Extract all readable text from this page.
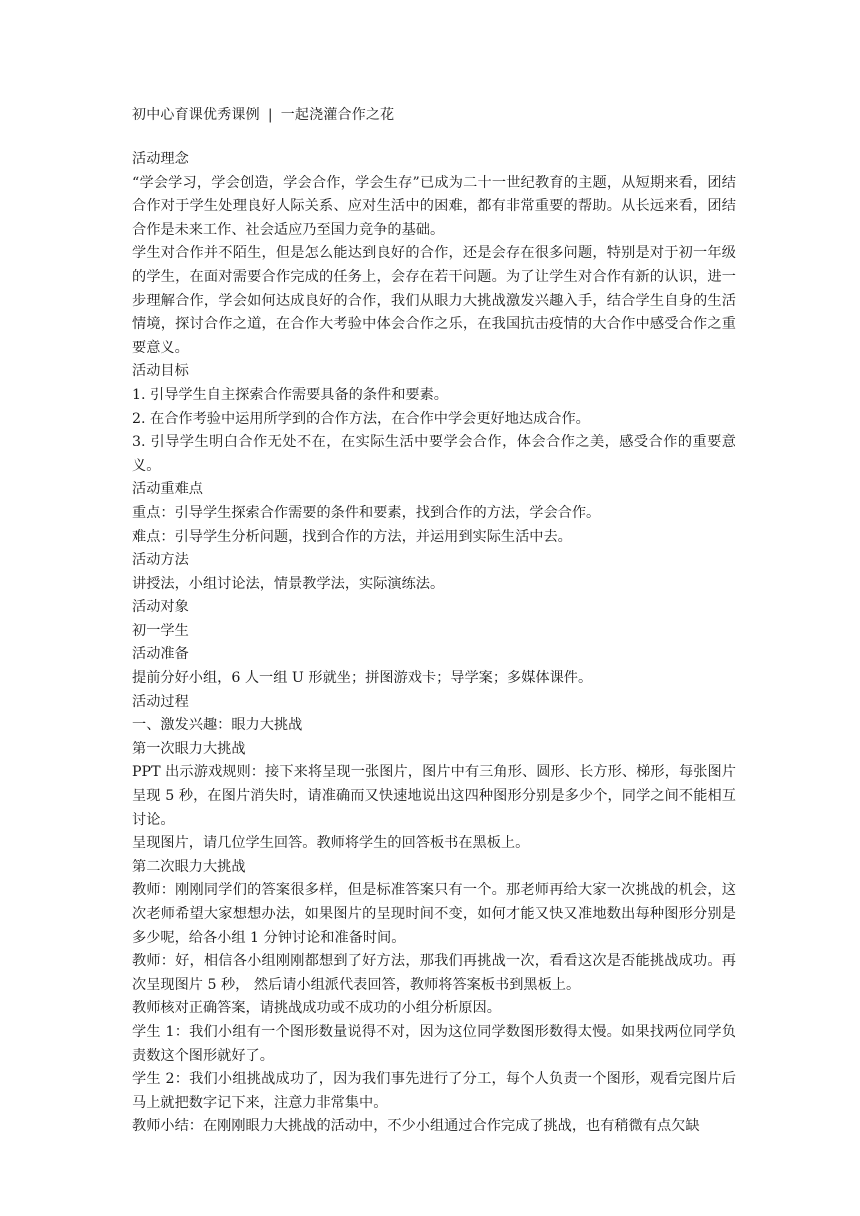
初中心育课优秀课例 | 一起浇灌合作之花

活动理念

“学会学习，学会创造，学会合作，学会生存”已成为二十一世纪教育的主题，从短期来看，团结合作对于学生处理良好人际关系、应对生活中的困难，都有非常重要的帮助。从长远来看，团结合作是未来工作、社会适应乃至国力竞争的基础。

学生对合作并不陌生，但是怎么能达到良好的合作，还是会存在很多问题，特别是对于初一年级的学生，在面对需要合作完成的任务上，会存在若干问题。为了让学生对合作有新的认识，进一步理解合作，学会如何达成良好的合作，我们从眼力大挑战激发兴趣入手，结合学生自身的生活情境，探讨合作之道，在合作大考验中体会合作之乐，在我国抗击疫情的大合作中感受合作之重要意义。

活动目标

1. 引导学生自主探索合作需要具备的条件和要素。

2. 在合作考验中运用所学到的合作方法，在合作中学会更好地达成合作。

3. 引导学生明白合作无处不在，在实际生活中要学会合作，体会合作之美，感受合作的重要意义。

活动重难点

重点：引导学生探索合作需要的条件和要素，找到合作的方法，学会合作。

难点：引导学生分析问题，找到合作的方法，并运用到实际生活中去。

活动方法

讲授法，小组讨论法，情景教学法，实际演练法。

活动对象

初一学生

活动准备

提前分好小组，6 人一组 U 形就坐；拼图游戏卡；导学案；多媒体课件。

活动过程

一、激发兴趣：眼力大挑战

第一次眼力大挑战

PPT 出示游戏规则：接下来将呈现一张图片，图片中有三角形、圆形、长方形、梯形，每张图片呈现 5 秒，在图片消失时，请准确而又快速地说出这四种图形分别是多少个，同学之间不能相互讨论。

呈现图片，请几位学生回答。教师将学生的回答板书在黑板上。

第二次眼力大挑战

教师：刚刚同学们的答案很多样，但是标准答案只有一个。那老师再给大家一次挑战的机会，这次老师希望大家想想办法，如果图片的呈现时间不变，如何才能又快又准地数出每种图形分别是多少呢，给各小组 1 分钟讨论和准备时间。

教师：好，相信各小组刚刚都想到了好方法，那我们再挑战一次，看看这次是否能挑战成功。再次呈现图片 5 秒， 然后请小组派代表回答，教师将答案板书到黑板上。

教师核对正确答案，请挑战成功或不成功的小组分析原因。

学生 1：我们小组有一个图形数量说得不对，因为这位同学数图形数得太慢。如果找两位同学负责数这个图形就好了。

学生 2：我们小组挑战成功了，因为我们事先进行了分工，每个人负责一个图形，观看完图片后马上就把数字记下来，注意力非常集中。

教师小结：在刚刚眼力大挑战的活动中，不少小组通过合作完成了挑战，也有稍微有点欠缺
